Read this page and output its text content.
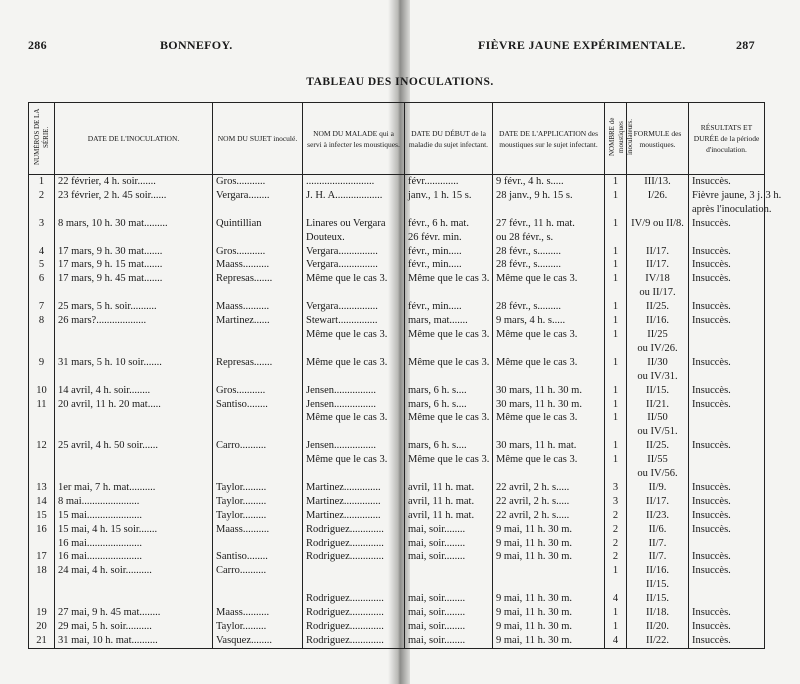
286	BONNEFOY.	FIÈVRE JAUNE EXPÉRIMENTALE.	287
TABLEAU DES INOCULATIONS.
NUMÉROS DE LA SÉRIE.	DATE DE L'INOCULATION.	NOM DU SUJET inoculé.	NOM DU MALADE qui a servi à infecter les moustiques.	DATE DU DÉBUT de la maladie du sujet infectant.	DATE DE L'APPLICATION des moustiques sur le sujet infectant.	NOMBRE de moustiques inoculateurs.	FORMULE des moustiques.	RÉSULTATS ET DURÉE de la période d'inoculation.
1	22 février, 4 h. soir.......	Gros...........	..........................	févr.............	9 févr., 4 h. s.....	1	III/13.	Insuccès.
2	23 février, 2 h. 45 soir......	Vergara........	J. H. A..................	janv., 1 h. 15 s.	28 janv., 9 h. 15 s.	1	I/26.	Fièvre jaune, 3 j. 3 h.
								après l'inoculation.
3	8 mars, 10 h. 30 mat.........	Quintillian	Linares ou Vergara	févr., 6 h. mat.	27 févr., 11 h. mat.	1	IV/9 ou II/8.	Insuccès.
			Douteux.	26 févr. min.	ou 28 févr., s.			
4	17 mars, 9 h. 30 mat.......	Gros...........	Vergara...............	févr., min.....	28 févr., s.........	1	II/17.	Insuccès.
5	17 mars, 9 h. 15 mat.......	Maass..........	Vergara...............	févr., min.....	28 févr., s.........	1	II/17.	Insuccès.
6	17 mars, 9 h. 45 mat.......	Represas.......	Même que le cas 3.	Même que le cas 3.	Même que le cas 3.	1	IV/18	Insuccès.
							ou II/17.	
7	25 mars, 5 h. soir..........	Maass..........	Vergara...............	févr., min.....	28 févr., s.........	1	II/25.	Insuccès.
8	26 mars?...................	Martinez......	Stewart...............	mars, mat.......	9 mars, 4 h. s.....	1	II/16.	Insuccès.
			Même que le cas 3.	Même que le cas 3.	Même que le cas 3.	1	II/25	
							ou IV/26.	
9	31 mars, 5 h. 10 soir.......	Represas.......	Même que le cas 3.	Même que le cas 3.	Même que le cas 3.	1	II/30	Insuccès.
							ou IV/31.	
10	14 avril, 4 h. soir........	Gros...........	Jensen................	mars, 6 h. s....	30 mars, 11 h. 30 m.	1	II/15.	Insuccès.
11	20 avril, 11 h. 20 mat.....	Santiso........	Jensen................	mars, 6 h. s....	30 mars, 11 h. 30 m.	1	II/21.	Insuccès.
			Même que le cas 3.	Même que le cas 3.	Même que le cas 3.	1	II/50	
							ou IV/51.	
12	25 avril, 4 h. 50 soir......	Carro..........	Jensen................	mars, 6 h. s....	30 mars, 11 h. mat.	1	II/25.	Insuccès.
			Même que le cas 3.	Même que le cas 3.	Même que le cas 3.	1	II/55	
							ou IV/56.	
13	1er mai, 7 h. mat..........	Taylor.........	Martinez..............	avril, 11 h. mat.	22 avril, 2 h. s.....	3	II/9.	Insuccès.
14	8 mai......................	Taylor.........	Martinez..............	avril, 11 h. mat.	22 avril, 2 h. s.....	3	II/17.	Insuccès.
15	15 mai.....................	Taylor.........	Martinez..............	avril, 11 h. mat.	22 avril, 2 h. s.....	2	II/23.	Insuccès.
16	15 mai, 4 h. 15 soir.......	Maass..........	Rodriguez.............	mai, soir........	9 mai, 11 h. 30 m.	2	II/6.	Insuccès.
	16 mai.....................		Rodriguez.............	mai, soir........	9 mai, 11 h. 30 m.	2	II/7.	
17	16 mai.....................	Santiso........	Rodriguez.............	mai, soir........	9 mai, 11 h. 30 m.	2	II/7.	Insuccès.
18	24 mai, 4 h. soir..........	Carro..........				1	II/16.	Insuccès.
							II/15.	
			Rodriguez.............	mai, soir........	9 mai, 11 h. 30 m.	4	II/15.	
19	27 mai, 9 h. 45 mat........	Maass..........	Rodriguez.............	mai, soir........	9 mai, 11 h. 30 m.	1	II/18.	Insuccès.
20	29 mai, 5 h. soir..........	Taylor.........	Rodriguez.............	mai, soir........	9 mai, 11 h. 30 m.	1	II/20.	Insuccès.
21	31 mai, 10 h. mat..........	Vasquez........	Rodriguez.............	mai, soir........	9 mai, 11 h. 30 m.	4	II/22.	Insuccès.
